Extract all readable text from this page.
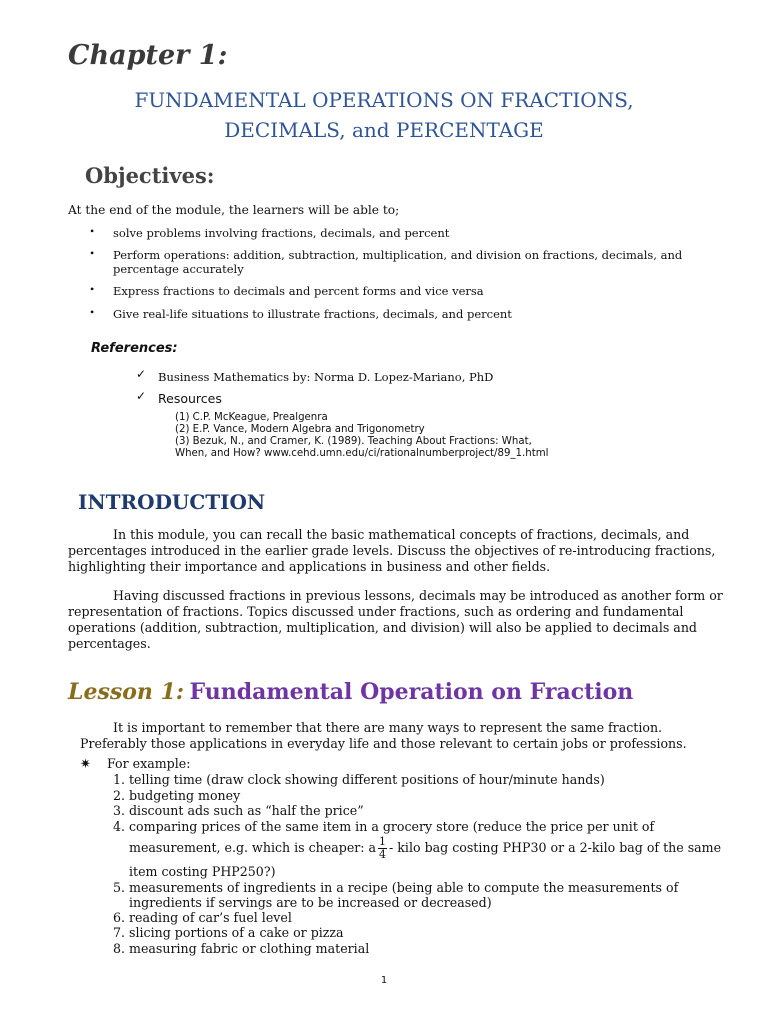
Chapter 1:
FUNDAMENTAL OPERATIONS ON FRACTIONS,
DECIMALS, and PERCENTAGE
Objectives:
At the end of the module, the learners will be able to;
• solve problems involving fractions, decimals, and percent
• Perform operations: addition, subtraction, multiplication, and division on fractions, decimals, and
percentage accurately
• Express fractions to decimals and percent forms and vice versa
• Give real-life situations to illustrate fractions, decimals, and percent
References:
✓ Business Mathematics by: Norma D. Lopez-Mariano, PhD
✓ Resources
(1) C.P. McKeague, Prealgenra
(2) E.P. Vance, Modern Algebra and Trigonometry
(3) Bezuk, N., and Cramer, K. (1989). Teaching About Fractions: What,
When, and How? www.cehd.umn.edu/ci/rationalnumberproject/89_1.html
INTRODUCTION
In this module, you can recall the basic mathematical concepts of fractions, decimals, and
percentages introduced in the earlier grade levels. Discuss the objectives of re-introducing fractions,
highlighting their importance and applications in business and other fields.
Having discussed fractions in previous lessons, decimals may be introduced as another form or
representation of fractions. Topics discussed under fractions, such as ordering and fundamental
operations (addition, subtraction, multiplication, and division) will also be applied to decimals and
percentages.
Lesson 1: Fundamental Operation on Fraction
It is important to remember that there are many ways to represent the same fraction.
Preferably those applications in everyday life and those relevant to certain jobs or professions.
✷ For example:
1. telling time (draw clock showing different positions of hour/minute hands)
2. budgeting money
3. discount ads such as “half the price”
4. comparing prices of the same item in a grocery store (reduce the price per unit of
measurement, e.g. which is cheaper: a $\frac{1}{4}$ - kilo bag costing PHP30 or a 2-kilo bag of the same
item costing PHP250?)
5. measurements of ingredients in a recipe (being able to compute the measurements of
ingredients if servings are to be increased or decreased)
6. reading of car’s fuel level
7. slicing portions of a cake or pizza
8. measuring fabric or clothing material
1
